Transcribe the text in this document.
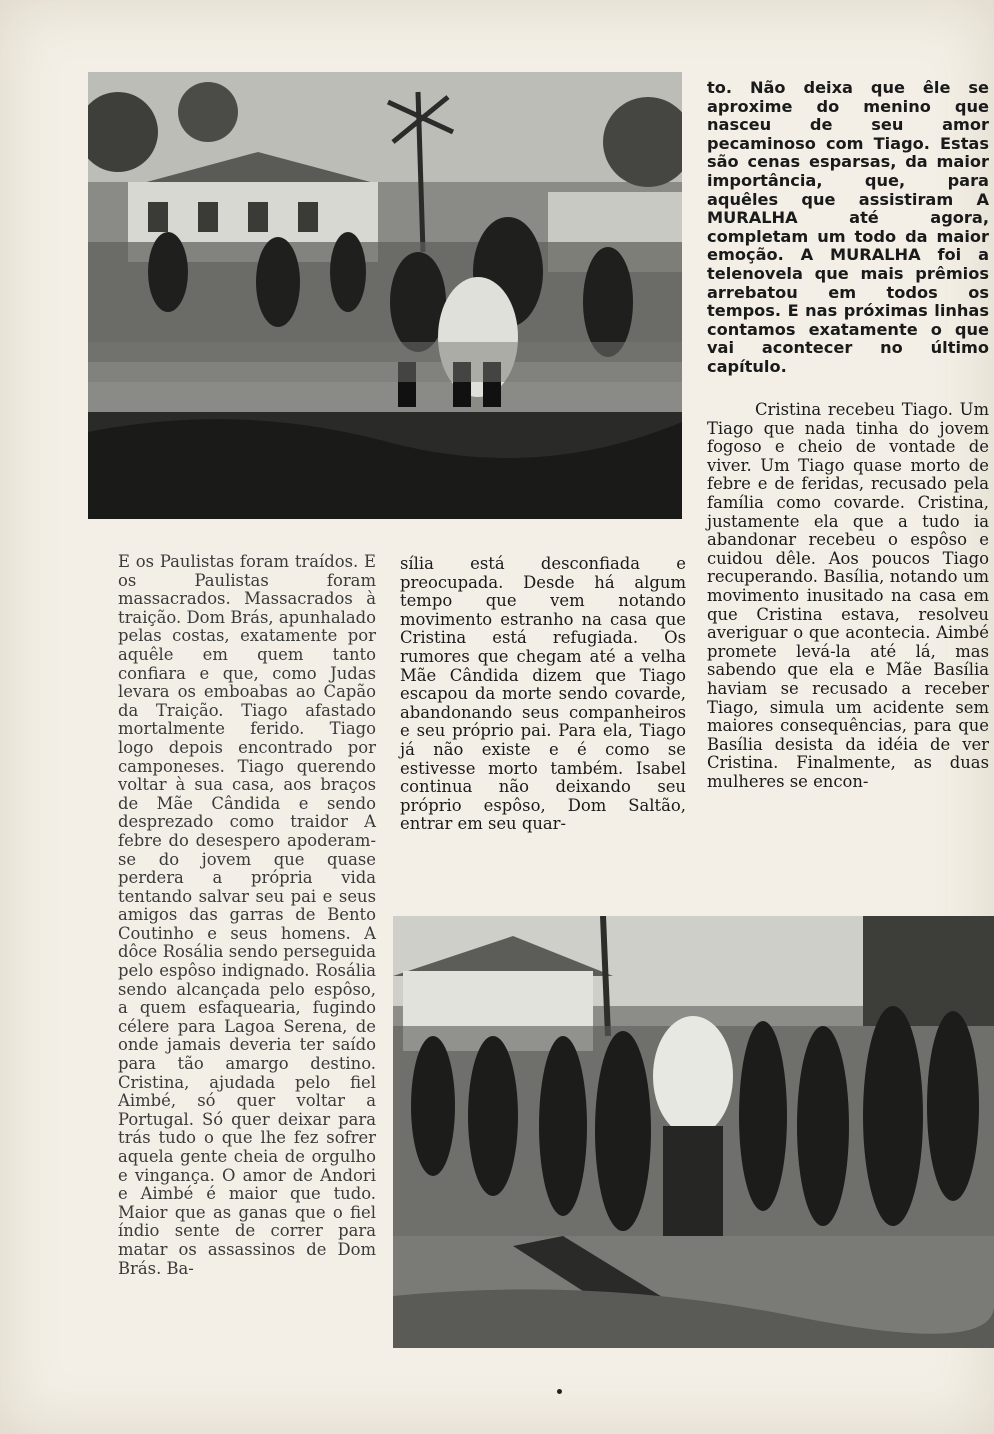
to. Não deixa que êle se aproxime do menino que nasceu de seu amor pecaminoso com Tiago. Estas são cenas esparsas, da maior importância, que, para aquêles que assistiram A MURALHA até agora, completam um todo da maior emoção. A MURALHA foi a telenovela que mais prêmios arrebatou em todos os tempos. E nas próximas linhas contamos exatamente o que vai acontecer no último capítulo.

Cristina recebeu Tiago. Um Tiago que nada tinha do jovem fogoso e cheio de vontade de viver. Um Tiago quase morto de febre e de feridas, recusado pela família como covarde. Cristina, justamente ela que a tudo ia abandonar recebeu o espôso e cuidou dêle. Aos poucos Tiago recuperando. Basília, notando um movimento inusitado na casa em que Cristina estava, resolveu averiguar o que acontecia. Aimbé promete levá-la até lá, mas sabendo que ela e Mãe Basília haviam se recusado a receber Tiago, simula um acidente sem maiores consequências, para que Basília desista da idéia de ver Cristina. Finalmente, as duas mulheres se encon-

E os Paulistas foram traídos. E os Paulistas foram massacrados. Massacrados à traição. Dom Brás, apunhalado pelas costas, exatamente por aquêle em quem tanto confiara e que, como Judas levara os emboabas ao Capão da Traição. Tiago afastado mortalmente ferido. Tiago logo depois encontrado por camponeses. Tiago querendo voltar à sua casa, aos braços de Mãe Cândida e sendo desprezado como traidor A febre do desespero apoderam-se do jovem que quase perdera a própria vida tentando salvar seu pai e seus amigos das garras de Bento Coutinho e seus homens. A dôce Rosália sendo perseguida pelo espôso indignado. Rosália sendo alcançada pelo espôso, a quem esfaquearia, fugindo célere para Lagoa Serena, de onde jamais deveria ter saído para tão amargo destino. Cristina, ajudada pelo fiel Aimbé, só quer voltar a Portugal. Só quer deixar para trás tudo o que lhe fez sofrer aquela gente cheia de orgulho e vingança. O amor de Andori e Aimbé é maior que tudo. Maior que as ganas que o fiel índio sente de correr para matar os assassinos de Dom Brás. Ba-

sília está desconfiada e preocupada. Desde há algum tempo que vem notando movimento estranho na casa que Cristina está refugiada. Os rumores que chegam até a velha Mãe Cândida dizem que Tiago escapou da morte sendo covarde, abandonando seus companheiros e seu próprio pai. Para ela, Tiago já não existe e é como se estivesse morto também. Isabel continua não deixando seu próprio espôso, Dom Saltão, entrar em seu quar-
